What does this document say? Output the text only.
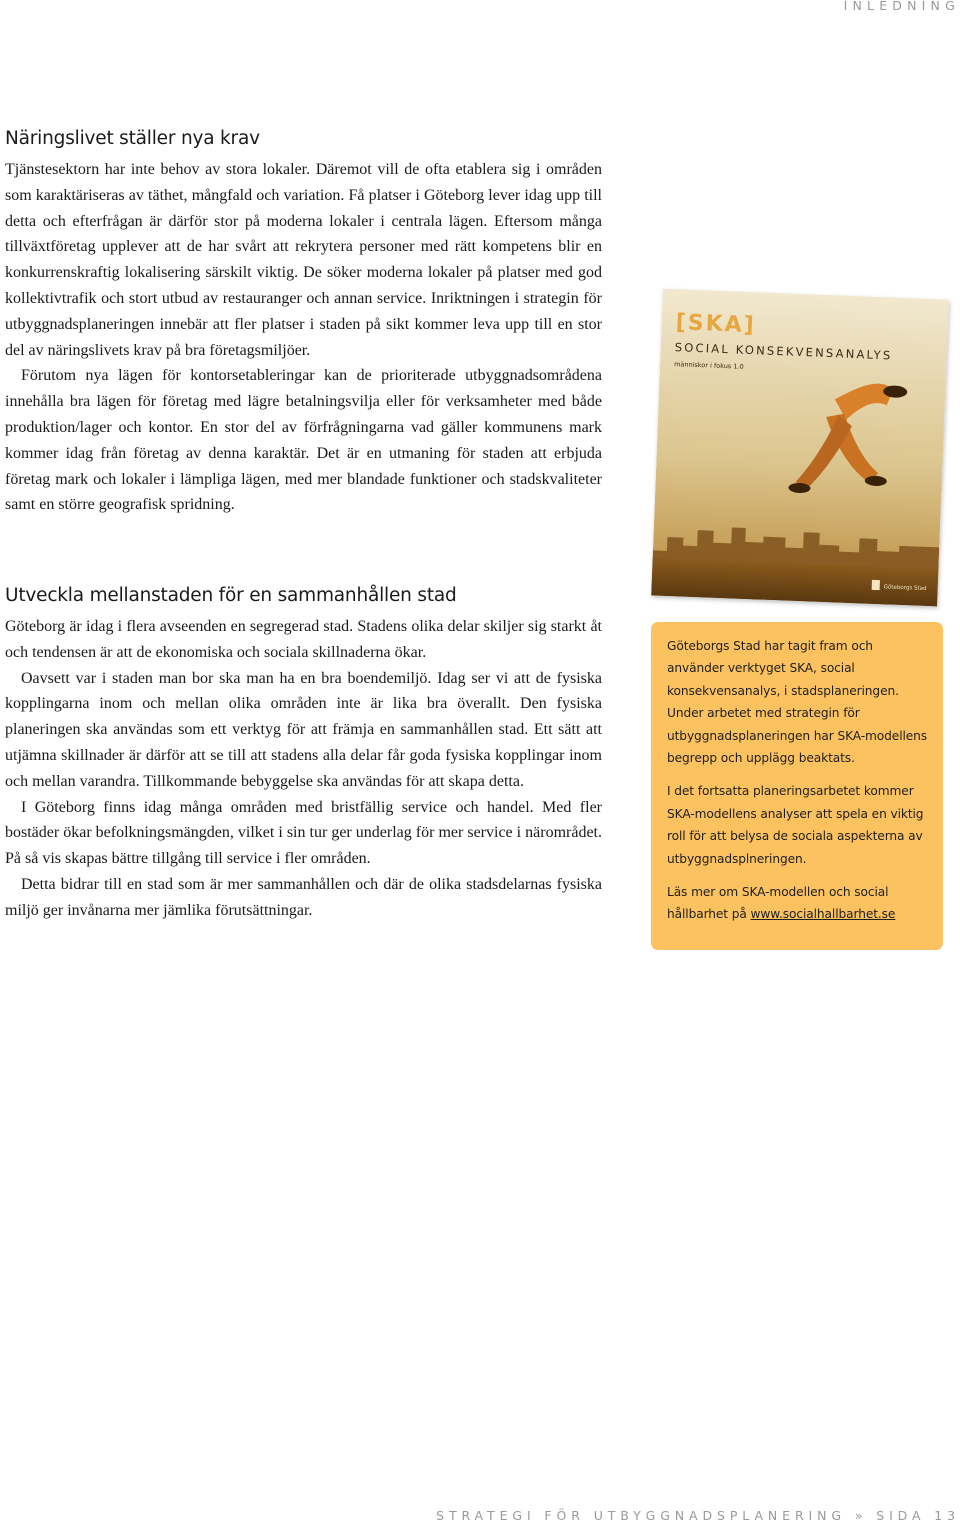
INLEDNING
Näringslivet ställer nya krav

Tjänstesektorn har inte behov av stora lokaler. Däremot vill de ofta etablera sig i områden som karaktäriseras av täthet, mångfald och variation. Få platser i Göteborg lever idag upp till detta och efterfrågan är därför stor på moderna lokaler i centrala lägen. Eftersom många tillväxtföretag upplever att de har svårt att rekrytera personer med rätt kompetens blir en konkurrenskraftig lokalisering särskilt viktig. De söker moderna lokaler på platser med god kollektivtrafik och stort utbud av restauranger och annan service. Inriktningen i strategin för utbyggnadsplaneringen innebär att fler platser i staden på sikt kommer leva upp till en stor del av näringslivets krav på bra företagsmiljöer.

Förutom nya lägen för kontorsetableringar kan de prioriterade utbyggnadsområdena innehålla bra lägen för företag med lägre betalningsvilja eller för verksamheter med både produktion/lager och kontor. En stor del av förfrågningarna vad gäller kommunens mark kommer idag från företag av denna karaktär. Det är en utmaning för staden att erbjuda företag mark och lokaler i lämpliga lägen, med mer blandade funktioner och stadskvaliteter samt en större geografisk spridning.

Utveckla mellanstaden för en sammanhållen stad

Göteborg är idag i flera avseenden en segregerad stad. Stadens olika delar skiljer sig starkt åt och tendensen är att de ekonomiska och sociala skillnaderna ökar.

Oavsett var i staden man bor ska man ha en bra boendemiljö. Idag ser vi att de fysiska kopplingarna inom och mellan olika områden inte är lika bra överallt. Den fysiska planeringen ska användas som ett verktyg för att främja en sammanhållen stad. Ett sätt att utjämna skillnader är därför att se till att stadens alla delar får goda fysiska kopplingar inom och mellan varandra. Tillkommande bebyggelse ska användas för att skapa detta.

I Göteborg finns idag många områden med bristfällig service och handel. Med fler bostäder ökar befolkningsmängden, vilket i sin tur ger underlag för mer service i närområdet. På så vis skapas bättre tillgång till service i fler områden.

Detta bidrar till en stad som är mer sammanhållen och där de olika stadsdelarnas fysiska miljö ger invånarna mer jämlika förutsättningar.

[SKA]
SOCIAL KONSEKVENSANALYS
människor i fokus 1.0
Göteborgs Stad

Göteborgs Stad har tagit fram och använder verktyget SKA, social konsekvensanalys, i stadsplaneringen. Under arbetet med strategin för utbyggnadsplaneringen har SKA-modellens begrepp och upplägg beaktats.

I det fortsatta planeringsarbetet kommer SKA-modellens analyser att spela en viktig roll för att belysa de sociala aspekterna av utbyggnadsplneringen.

Läs mer om SKA-modellen och social hållbarhet på www.socialhallbarhet.se

STRATEGI FÖR UTBYGGNADSPLANERING » SIDA 13
